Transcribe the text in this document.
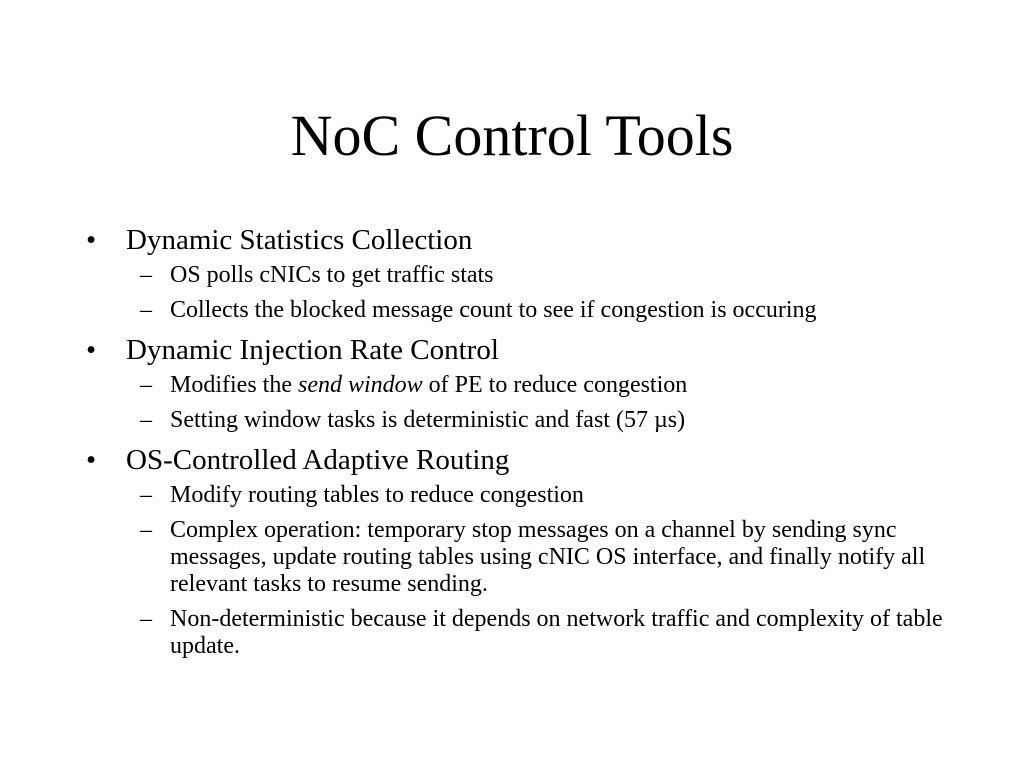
NoC Control Tools
• Dynamic Statistics Collection
– OS polls cNICs to get traffic stats
– Collects the blocked message count to see if congestion is occuring
• Dynamic Injection Rate Control
– Modifies the send window of PE to reduce congestion
– Setting window tasks is deterministic and fast (57 µs)
• OS-Controlled Adaptive Routing
– Modify routing tables to reduce congestion
– Complex operation: temporary stop messages on a channel by sending sync messages, update routing tables using cNIC OS interface, and finally notify all relevant tasks to resume sending.
– Non-deterministic because it depends on network traffic and complexity of table update.
